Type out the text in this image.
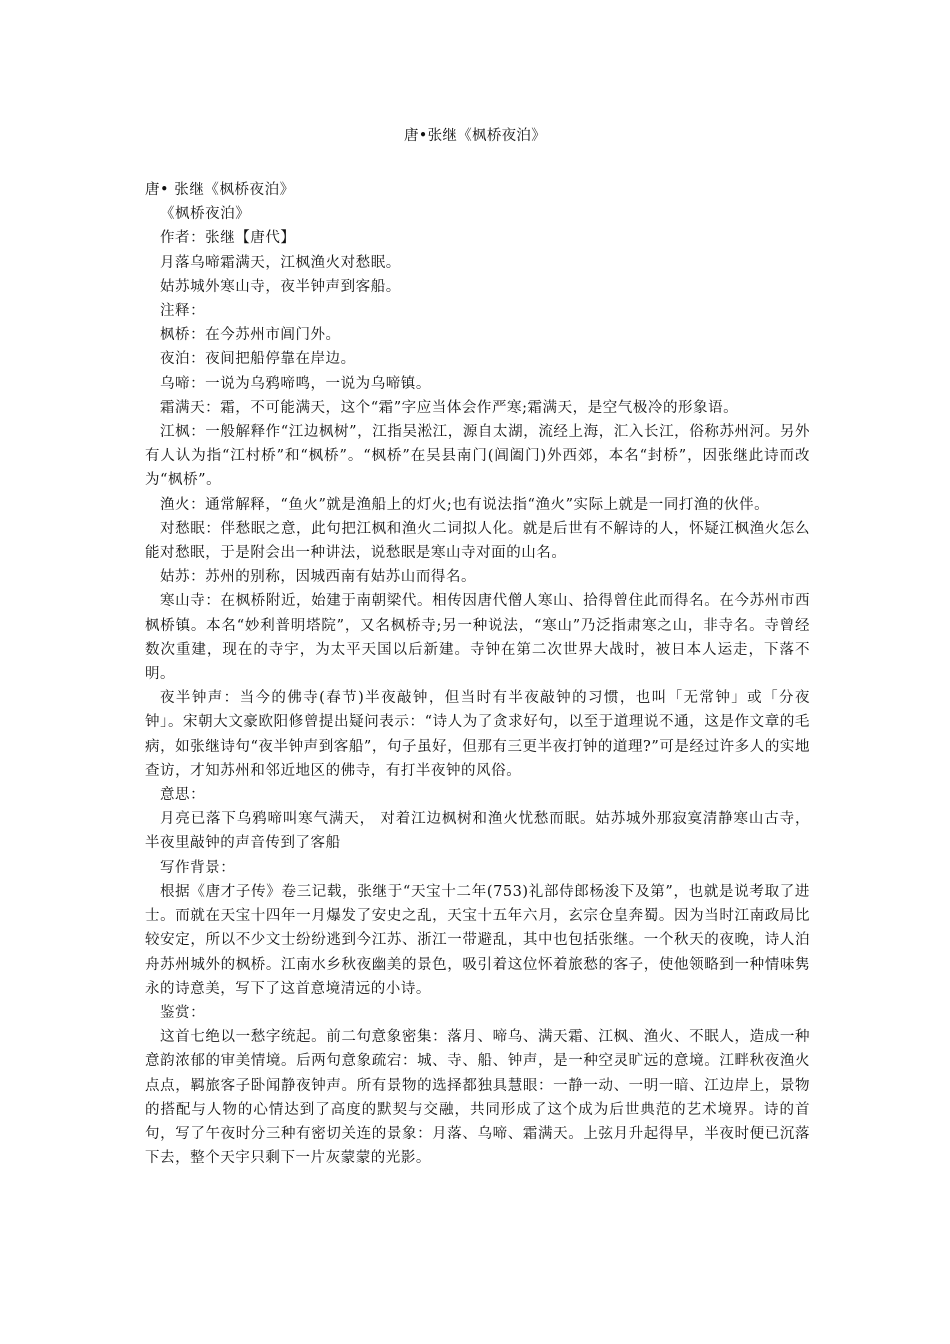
唐•张继《枫桥夜泊》

唐• 张继《枫桥夜泊》

《枫桥夜泊》

作者：张继【唐代】

月落乌啼霜满天，江枫渔火对愁眠。

姑苏城外寒山寺，夜半钟声到客船。

注释：

枫桥：在今苏州市阊门外。

夜泊：夜间把船停靠在岸边。

乌啼：一说为乌鸦啼鸣，一说为乌啼镇。

霜满天：霜，不可能满天，这个“霜”字应当体会作严寒;霜满天，是空气极冷的形象语。

江枫：一般解释作“江边枫树”，江指吴淞江，源自太湖，流经上海，汇入长江，俗称苏州河。另外有人认为指“江村桥”和“枫桥”。“枫桥”在吴县南门(阊阖门)外西郊，本名“封桥”，因张继此诗而改为“枫桥”。

渔火：通常解释，“鱼火”就是渔船上的灯火;也有说法指“渔火”实际上就是一同打渔的伙伴。

对愁眠：伴愁眠之意，此句把江枫和渔火二词拟人化。就是后世有不解诗的人，怀疑江枫渔火怎么能对愁眠，于是附会出一种讲法，说愁眠是寒山寺对面的山名。

姑苏：苏州的别称，因城西南有姑苏山而得名。

寒山寺：在枫桥附近，始建于南朝梁代。相传因唐代僧人寒山、拾得曾住此而得名。在今苏州市西枫桥镇。本名“妙利普明塔院”，又名枫桥寺;另一种说法，“寒山”乃泛指肃寒之山，非寺名。寺曾经数次重建，现在的寺宇，为太平天国以后新建。寺钟在第二次世界大战时，被日本人运走，下落不明。

夜半钟声：当今的佛寺(春节)半夜敲钟，但当时有半夜敲钟的习惯，也叫「无常钟」或「分夜钟」。宋朝大文豪欧阳修曾提出疑问表示：“诗人为了贪求好句，以至于道理说不通，这是作文章的毛病，如张继诗句“夜半钟声到客船”，句子虽好，但那有三更半夜打钟的道理?”可是经过许多人的实地查访，才知苏州和邻近地区的佛寺，有打半夜钟的风俗。

意思：

月亮已落下乌鸦啼叫寒气满天， 对着江边枫树和渔火忧愁而眠。姑苏城外那寂寞清静寒山古寺， 半夜里敲钟的声音传到了客船

写作背景：

根据《唐才子传》卷三记载，张继于“天宝十二年(753)礼部侍郎杨浚下及第”，也就是说考取了进士。而就在天宝十四年一月爆发了安史之乱，天宝十五年六月，玄宗仓皇奔蜀。因为当时江南政局比较安定，所以不少文士纷纷逃到今江苏、浙江一带避乱，其中也包括张继。一个秋天的夜晚，诗人泊舟苏州城外的枫桥。江南水乡秋夜幽美的景色，吸引着这位怀着旅愁的客子，使他领略到一种情味隽永的诗意美，写下了这首意境清远的小诗。

鉴赏：

这首七绝以一愁字统起。前二句意象密集：落月、啼乌、满天霜、江枫、渔火、不眠人，造成一种意韵浓郁的审美情境。后两句意象疏宕：城、寺、船、钟声，是一种空灵旷远的意境。江畔秋夜渔火点点，羁旅客子卧闻静夜钟声。所有景物的选择都独具慧眼：一静一动、一明一暗、江边岸上，景物的搭配与人物的心情达到了高度的默契与交融，共同形成了这个成为后世典范的艺术境界。诗的首句，写了午夜时分三种有密切关连的景象：月落、乌啼、霜满天。上弦月升起得早，半夜时便已沉落下去，整个天宇只剩下一片灰蒙蒙的光影。
